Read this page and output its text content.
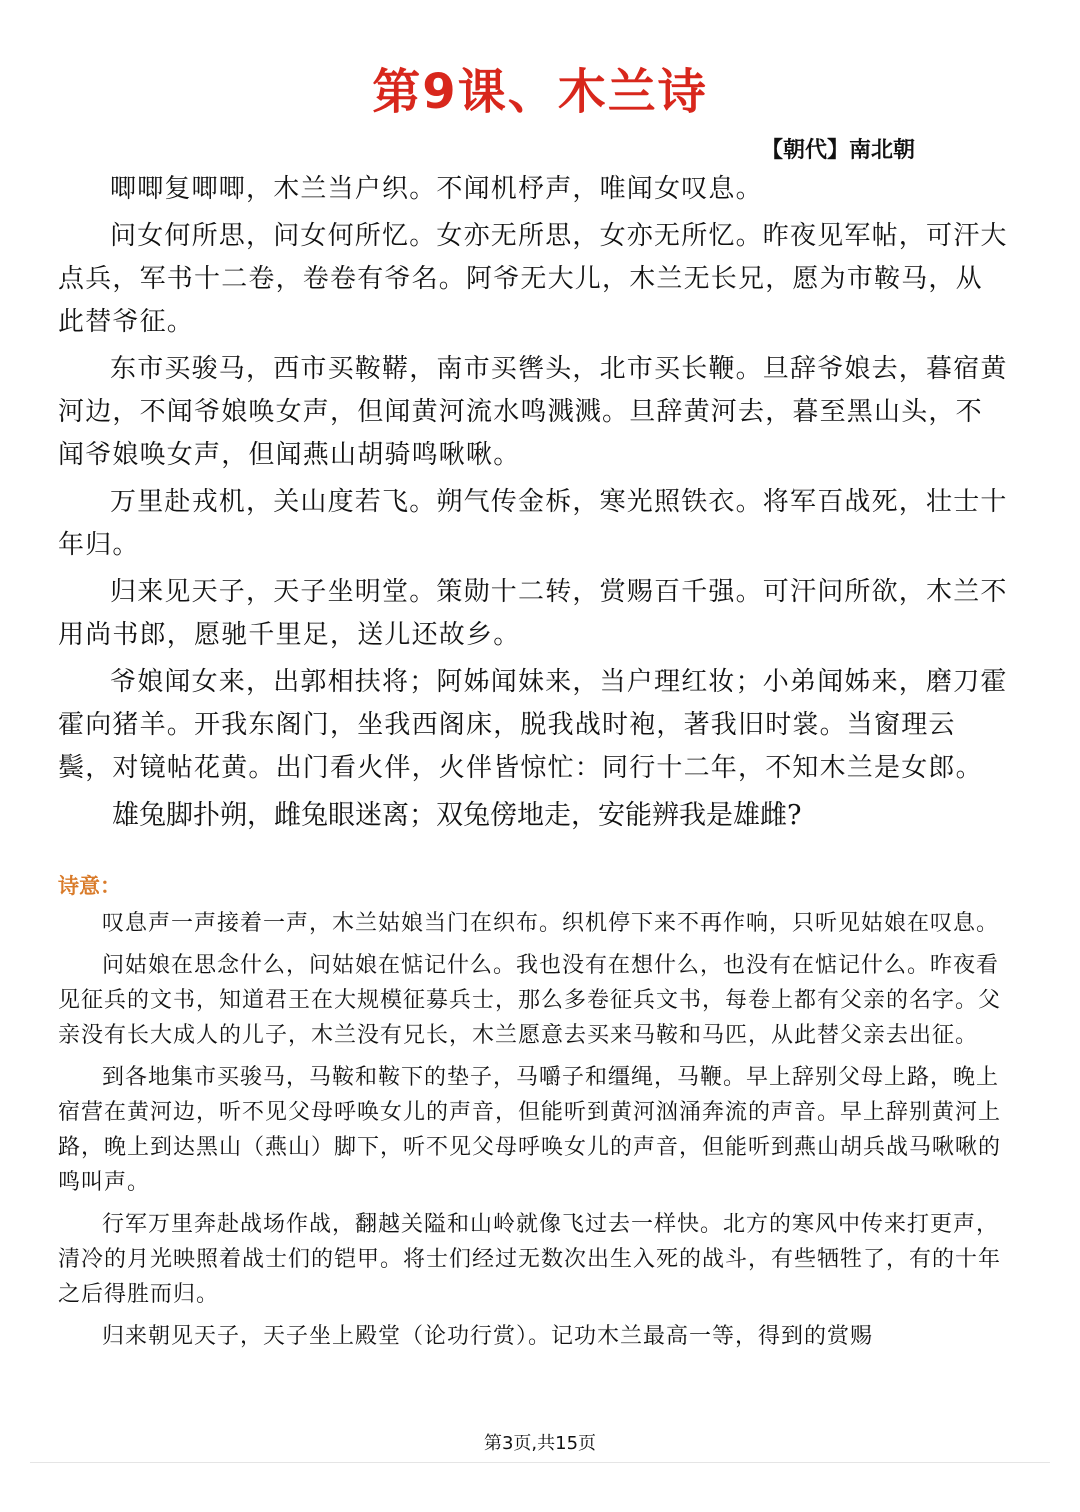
第9课、木兰诗
【朝代】南北朝

唧唧复唧唧，木兰当户织。不闻机杼声，唯闻女叹息。

问女何所思，问女何所忆。女亦无所思，女亦无所忆。昨夜见军帖，可汗大点兵，军书十二卷，卷卷有爷名。阿爷无大儿，木兰无长兄，愿为市鞍马，从此替爷征。

东市买骏马，西市买鞍鞯，南市买辔头，北市买长鞭。旦辞爷娘去，暮宿黄河边，不闻爷娘唤女声，但闻黄河流水鸣溅溅。旦辞黄河去，暮至黑山头，不闻爷娘唤女声，但闻燕山胡骑鸣啾啾。

万里赴戎机，关山度若飞。朔气传金柝，寒光照铁衣。将军百战死，壮士十年归。

归来见天子，天子坐明堂。策勋十二转，赏赐百千强。可汗问所欲，木兰不用尚书郎，愿驰千里足，送儿还故乡。

爷娘闻女来，出郭相扶将；阿姊闻妹来，当户理红妆；小弟闻姊来，磨刀霍霍向猪羊。开我东阁门，坐我西阁床，脱我战时袍，著我旧时裳。当窗理云鬓，对镜帖花黄。出门看火伴，火伴皆惊忙：同行十二年，不知木兰是女郎。

雄兔脚扑朔，雌兔眼迷离；双兔傍地走，安能辨我是雄雌?

诗意：

叹息声一声接着一声，木兰姑娘当门在织布。织机停下来不再作响，只听见姑娘在叹息。

问姑娘在思念什么，问姑娘在惦记什么。我也没有在想什么，也没有在惦记什么。昨夜看见征兵的文书，知道君王在大规模征募兵士，那么多卷征兵文书，每卷上都有父亲的名字。父亲没有长大成人的儿子，木兰没有兄长，木兰愿意去买来马鞍和马匹，从此替父亲去出征。

到各地集市买骏马，马鞍和鞍下的垫子，马嚼子和缰绳，马鞭。早上辞别父母上路，晚上宿营在黄河边，听不见父母呼唤女儿的声音，但能听到黄河汹涌奔流的声音。早上辞别黄河上路，晚上到达黑山（燕山）脚下，听不见父母呼唤女儿的声音，但能听到燕山胡兵战马啾啾的鸣叫声。

行军万里奔赴战场作战，翻越关隘和山岭就像飞过去一样快。北方的寒风中传来打更声，清冷的月光映照着战士们的铠甲。将士们经过无数次出生入死的战斗，有些牺牲了，有的十年之后得胜而归。

归来朝见天子，天子坐上殿堂（论功行赏）。记功木兰最高一等，得到的赏赐

第3页,共15页
